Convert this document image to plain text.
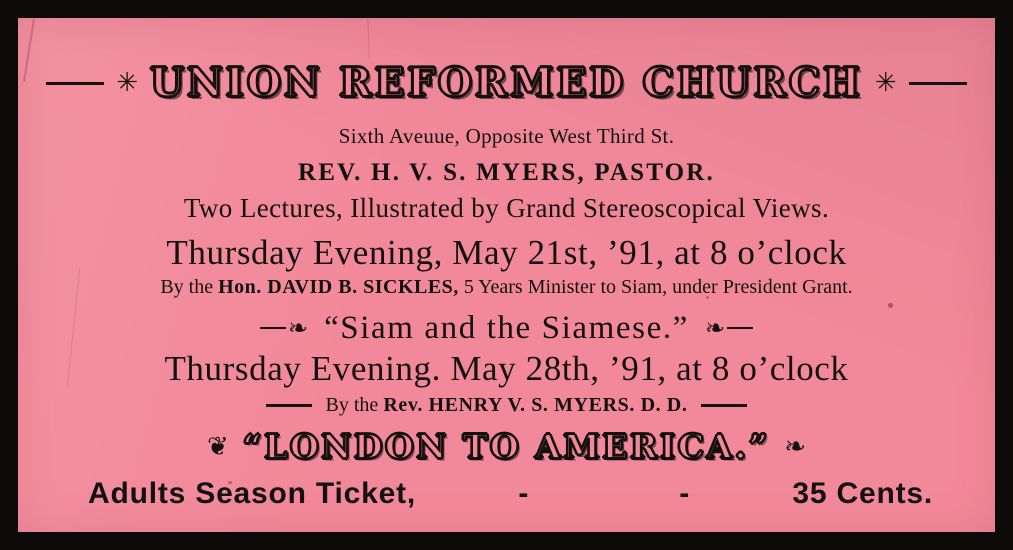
✳ UNION REFORMED CHURCH ✳
Sixth Aveuue, Opposite West Third St.
REV. H. V. S. MYERS, PASTOR.
Two Lectures, Illustrated by Grand Stereoscopical Views.
Thursday Evening, May 21st, ’91, at 8 o’clock
By the Hon. DAVID B. SICKLES, 5 Years Minister to Siam, under President Grant.
❧ “Siam and the Siamese.” ❧
Thursday Evening. May 28th, ’91, at 8 o’clock
By the Rev. HENRY V. S. MYERS. D. D.
❦ “LONDON TO AMERICA.” ❧
Adults Season Ticket,	-	-	35 Cents.
